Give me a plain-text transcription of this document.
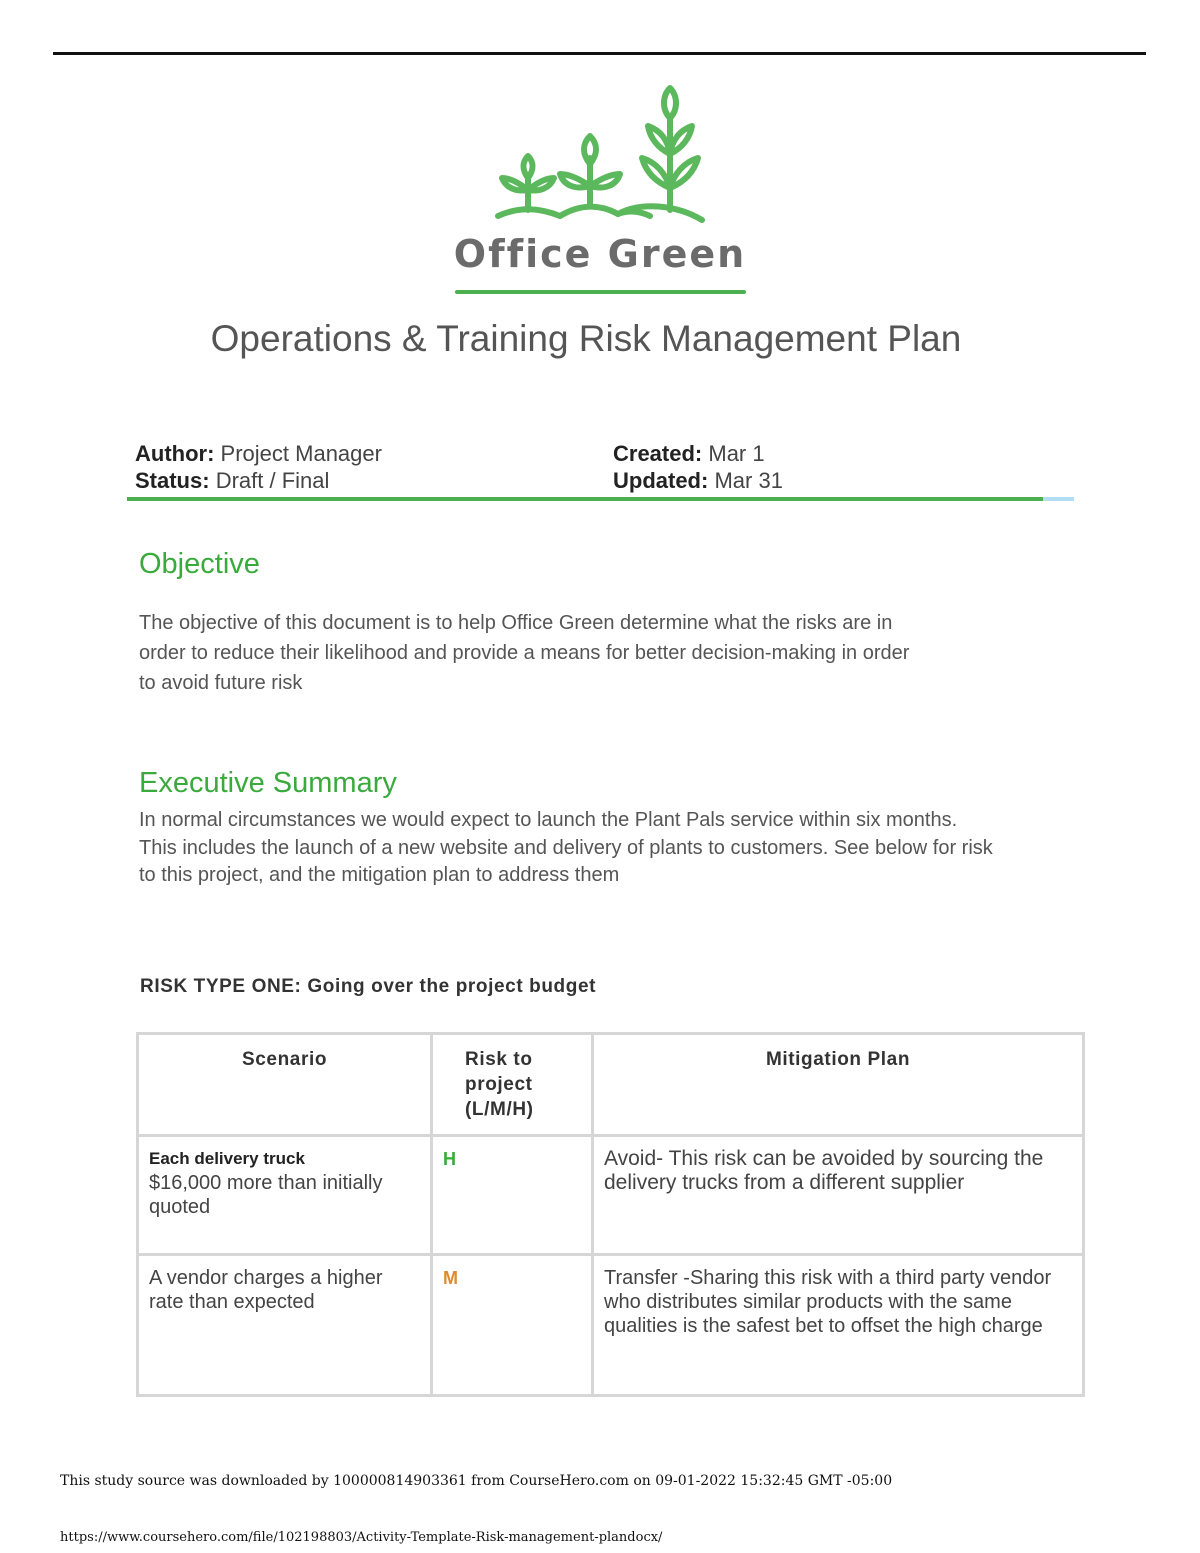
Office Green
Operations & Training Risk Management Plan
Author: Project Manager
Status: Draft / Final
Created: Mar 1
Updated: Mar 31
Objective
The objective of this document is to help Office Green determine what the risks are in
order to reduce their likelihood and provide a means for better decision-making in order
to avoid future risk
Executive Summary
In normal circumstances we would expect to launch the Plant Pals service within six months.
This includes the launch of a new website and delivery of plants to customers. See below for risk
to this project, and the mitigation plan to address them
RISK TYPE ONE: Going over the project budget
Scenario	Risk to project (L/M/H)	Mitigation Plan

Each delivery truck
$16,000 more than initially quoted	H	Avoid- This risk can be avoided by sourcing the delivery trucks from a different supplier
A vendor charges a higher rate than expected	M	Transfer -Sharing this risk with a third party vendor who distributes similar products with the same qualities is the safest bet to offset the high charge
This study source was downloaded by 100000814903361 from CourseHero.com on 09-01-2022 15:32:45 GMT -05:00
https://www.coursehero.com/file/102198803/Activity-Template-Risk-management-plandocx/
